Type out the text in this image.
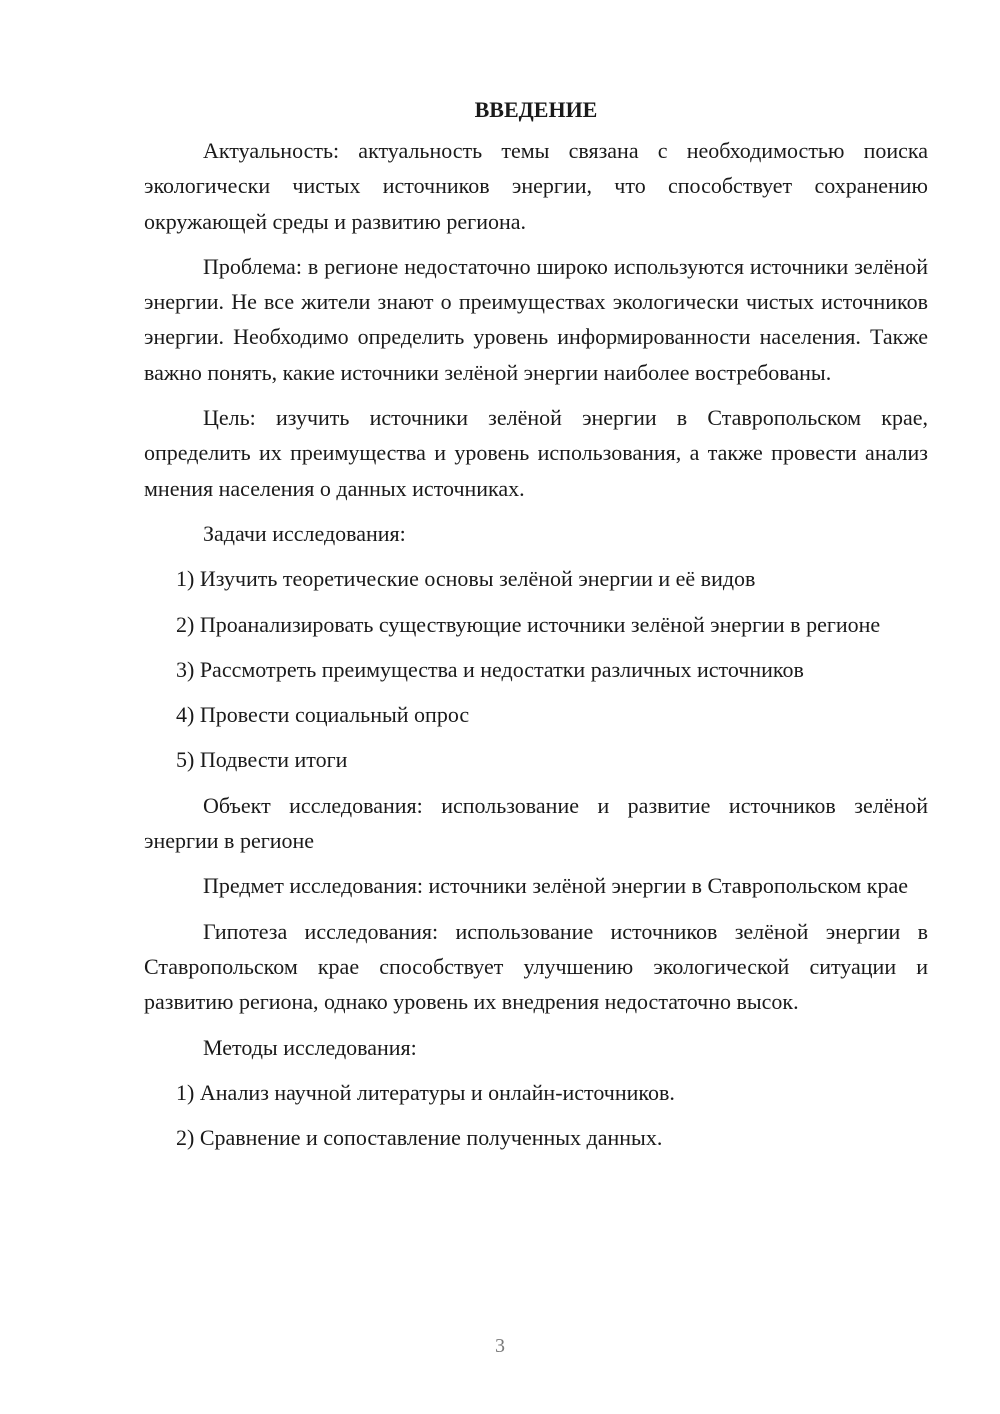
ВВЕДЕНИЕ

Актуальность: актуальность темы связана с необходимостью поиска экологически чистых источников энергии, что способствует сохранению окружающей среды и развитию региона.

Проблема: в регионе недостаточно широко используются источники зелёной энергии. Не все жители знают о преимуществах экологически чистых источников энергии. Необходимо определить уровень информированности населения. Также важно понять, какие источники зелёной энергии наиболее востребованы.

Цель: изучить источники зелёной энергии в Ставропольском крае, определить их преимущества и уровень использования, а также провести анализ мнения населения о данных источниках.

Задачи исследования:

1) Изучить теоретические основы зелёной энергии и её видов

2) Проанализировать существующие источники зелёной энергии в регионе

3) Рассмотреть преимущества и недостатки различных источников

4) Провести социальный опрос

5) Подвести итоги

Объект исследования: использование и развитие источников зелёной энергии в регионе

Предмет исследования: источники зелёной энергии в Ставропольском крае

Гипотеза исследования: использование источников зелёной энергии в Ставропольском крае способствует улучшению экологической ситуации и развитию региона, однако уровень их внедрения недостаточно высок.

Методы исследования:

1) Анализ научной литературы и онлайн-источников.

2) Сравнение и сопоставление полученных данных.

3
